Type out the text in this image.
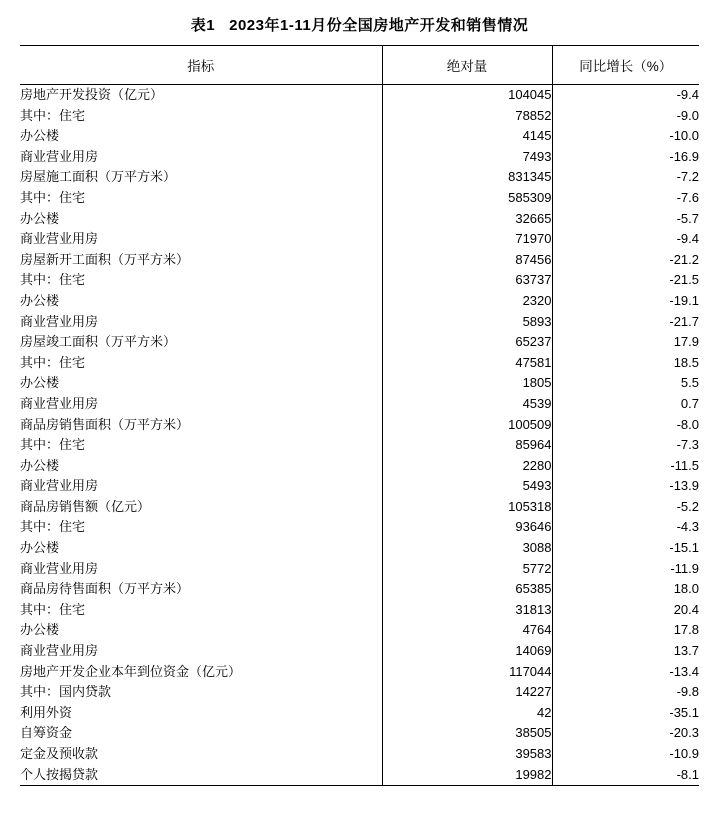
表1 2023年1-11月份全国房地产开发和销售情况
指标	绝对量	同比增长（%）
房地产开发投资（亿元）	104045	-9.4
其中：住宅	78852	-9.0
办公楼	4145	-10.0
商业营业用房	7493	-16.9
房屋施工面积（万平方米）	831345	-7.2
其中：住宅	585309	-7.6
办公楼	32665	-5.7
商业营业用房	71970	-9.4
房屋新开工面积（万平方米）	87456	-21.2
其中：住宅	63737	-21.5
办公楼	2320	-19.1
商业营业用房	5893	-21.7
房屋竣工面积（万平方米）	65237	17.9
其中：住宅	47581	18.5
办公楼	1805	5.5
商业营业用房	4539	0.7
商品房销售面积（万平方米）	100509	-8.0
其中：住宅	85964	-7.3
办公楼	2280	-11.5
商业营业用房	5493	-13.9
商品房销售额（亿元）	105318	-5.2
其中：住宅	93646	-4.3
办公楼	3088	-15.1
商业营业用房	5772	-11.9
商品房待售面积（万平方米）	65385	18.0
其中：住宅	31813	20.4
办公楼	4764	17.8
商业营业用房	14069	13.7
房地产开发企业本年到位资金（亿元）	117044	-13.4
其中：国内贷款	14227	-9.8
利用外资	42	-35.1
自筹资金	38505	-20.3
定金及预收款	39583	-10.9
个人按揭贷款	19982	-8.1
